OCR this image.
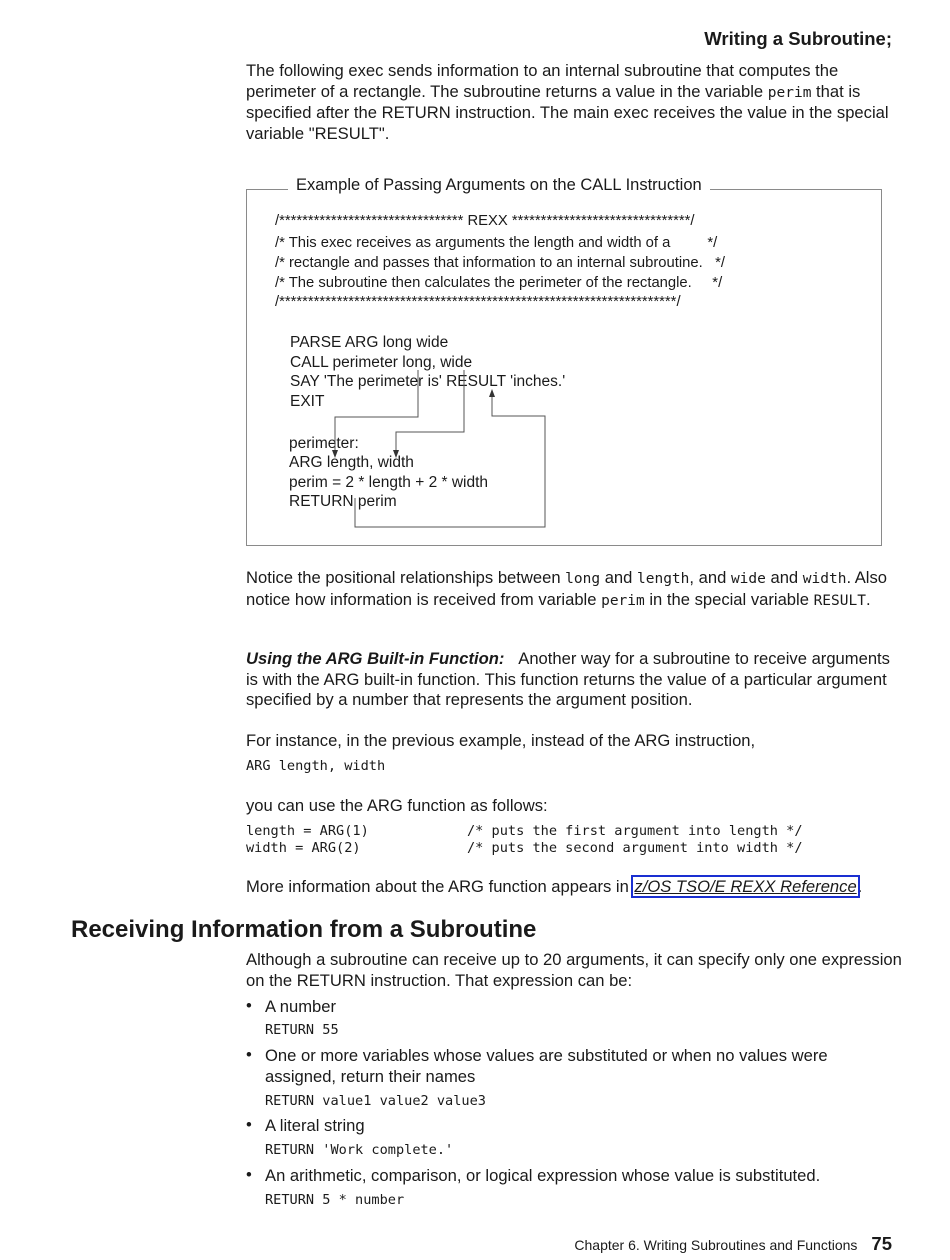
Writing a Subroutine;
The following exec sends information to an internal subroutine that computes the perimeter of a rectangle. The subroutine returns a value in the variable perim that is specified after the RETURN instruction. The main exec receives the value in the special variable "RESULT".
Example of Passing Arguments on the CALL Instruction
/******************************** REXX *******************************/
/* This exec receives as arguments the length and width of a         */
/* rectangle and passes that information to an internal subroutine.   */
/* The subroutine then calculates the perimeter of the rectangle.     */
/*********************************************************************/
PARSE ARG long wide
CALL perimeter long, wide
SAY 'The perimeter is' RESULT 'inches.'
EXIT
perimeter:
ARG length, width
perim = 2 * length + 2 * width
RETURN perim
Notice the positional relationships between long and length, and wide and width. Also notice how information is received from variable perim in the special variable RESULT.
Using the ARG Built-in Function: Another way for a subroutine to receive arguments is with the ARG built-in function. This function returns the value of a particular argument specified by a number that represents the argument position.
For instance, in the previous example, instead of the ARG instruction,
ARG length, width
you can use the ARG function as follows:
length = ARG(1)            /* puts the first argument into length */
width = ARG(2)             /* puts the second argument into width */
More information about the ARG function appears in z/OS TSO/E REXX Reference.
Receiving Information from a Subroutine
Although a subroutine can receive up to 20 arguments, it can specify only one expression on the RETURN instruction. That expression can be:
• A number
RETURN 55
• One or more variables whose values are substituted or when no values were assigned, return their names
RETURN value1 value2 value3
• A literal string
RETURN 'Work complete.'
• An arithmetic, comparison, or logical expression whose value is substituted.
RETURN 5 * number
Chapter 6. Writing Subroutines and Functions 75
